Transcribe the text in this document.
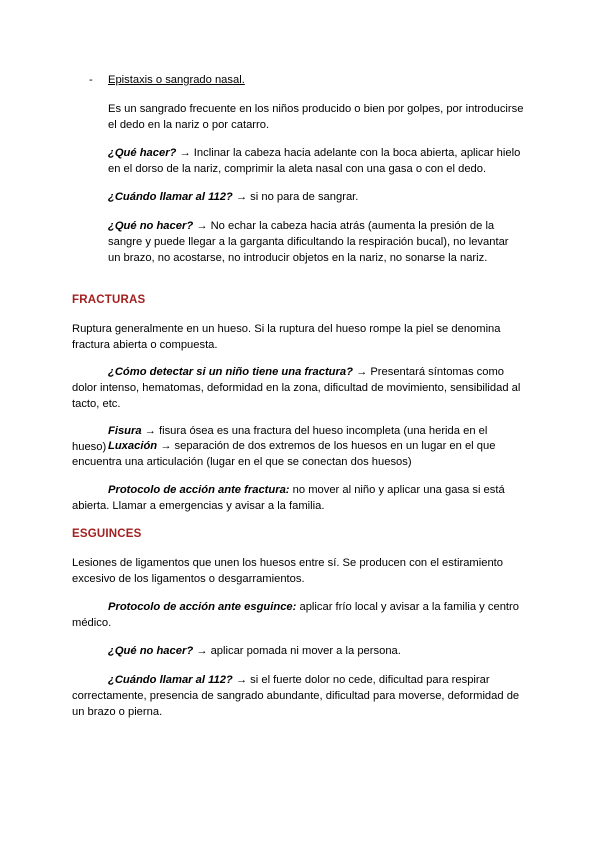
- Epistaxis o sangrado nasal.

Es un sangrado frecuente en los niños producido o bien por golpes, por introducirse el dedo en la nariz o por catarro.

¿Qué hacer? → Inclinar la cabeza hacia adelante con la boca abierta, aplicar hielo en el dorso de la nariz, comprimir la aleta nasal con una gasa o con el dedo.

¿Cuándo llamar al 112? → si no para de sangrar.

¿Qué no hacer? → No echar la cabeza hacia atrás (aumenta la presión de la sangre y puede llegar a la garganta dificultando la respiración bucal), no levantar un brazo, no acostarse, no introducir objetos en la nariz, no sonarse la nariz.

FRACTURAS

Ruptura generalmente en un hueso. Si la ruptura del hueso rompe la piel se denomina fractura abierta o compuesta.

¿Cómo detectar si un niño tiene una fractura? → Presentará síntomas como dolor intenso, hematomas, deformidad en la zona, dificultad de movimiento, sensibilidad al tacto, etc.

Fisura → fisura ósea es una fractura del hueso incompleta (una herida en el hueso) Luxación → separación de dos extremos de los huesos en un lugar en el que encuentra una articulación (lugar en el que se conectan dos huesos)

Protocolo de acción ante fractura: no mover al niño y aplicar una gasa si está abierta. Llamar a emergencias y avisar a la familia.

ESGUINCES

Lesiones de ligamentos que unen los huesos entre sí. Se producen con el estiramiento excesivo de los ligamentos o desgarramientos.

Protocolo de acción ante esguince: aplicar frío local y avisar a la familia y centro médico.

¿Qué no hacer? → aplicar pomada ni mover a la persona.

¿Cuándo llamar al 112? → si el fuerte dolor no cede, dificultad para respirar correctamente, presencia de sangrado abundante, dificultad para moverse, deformidad de un brazo o pierna.
